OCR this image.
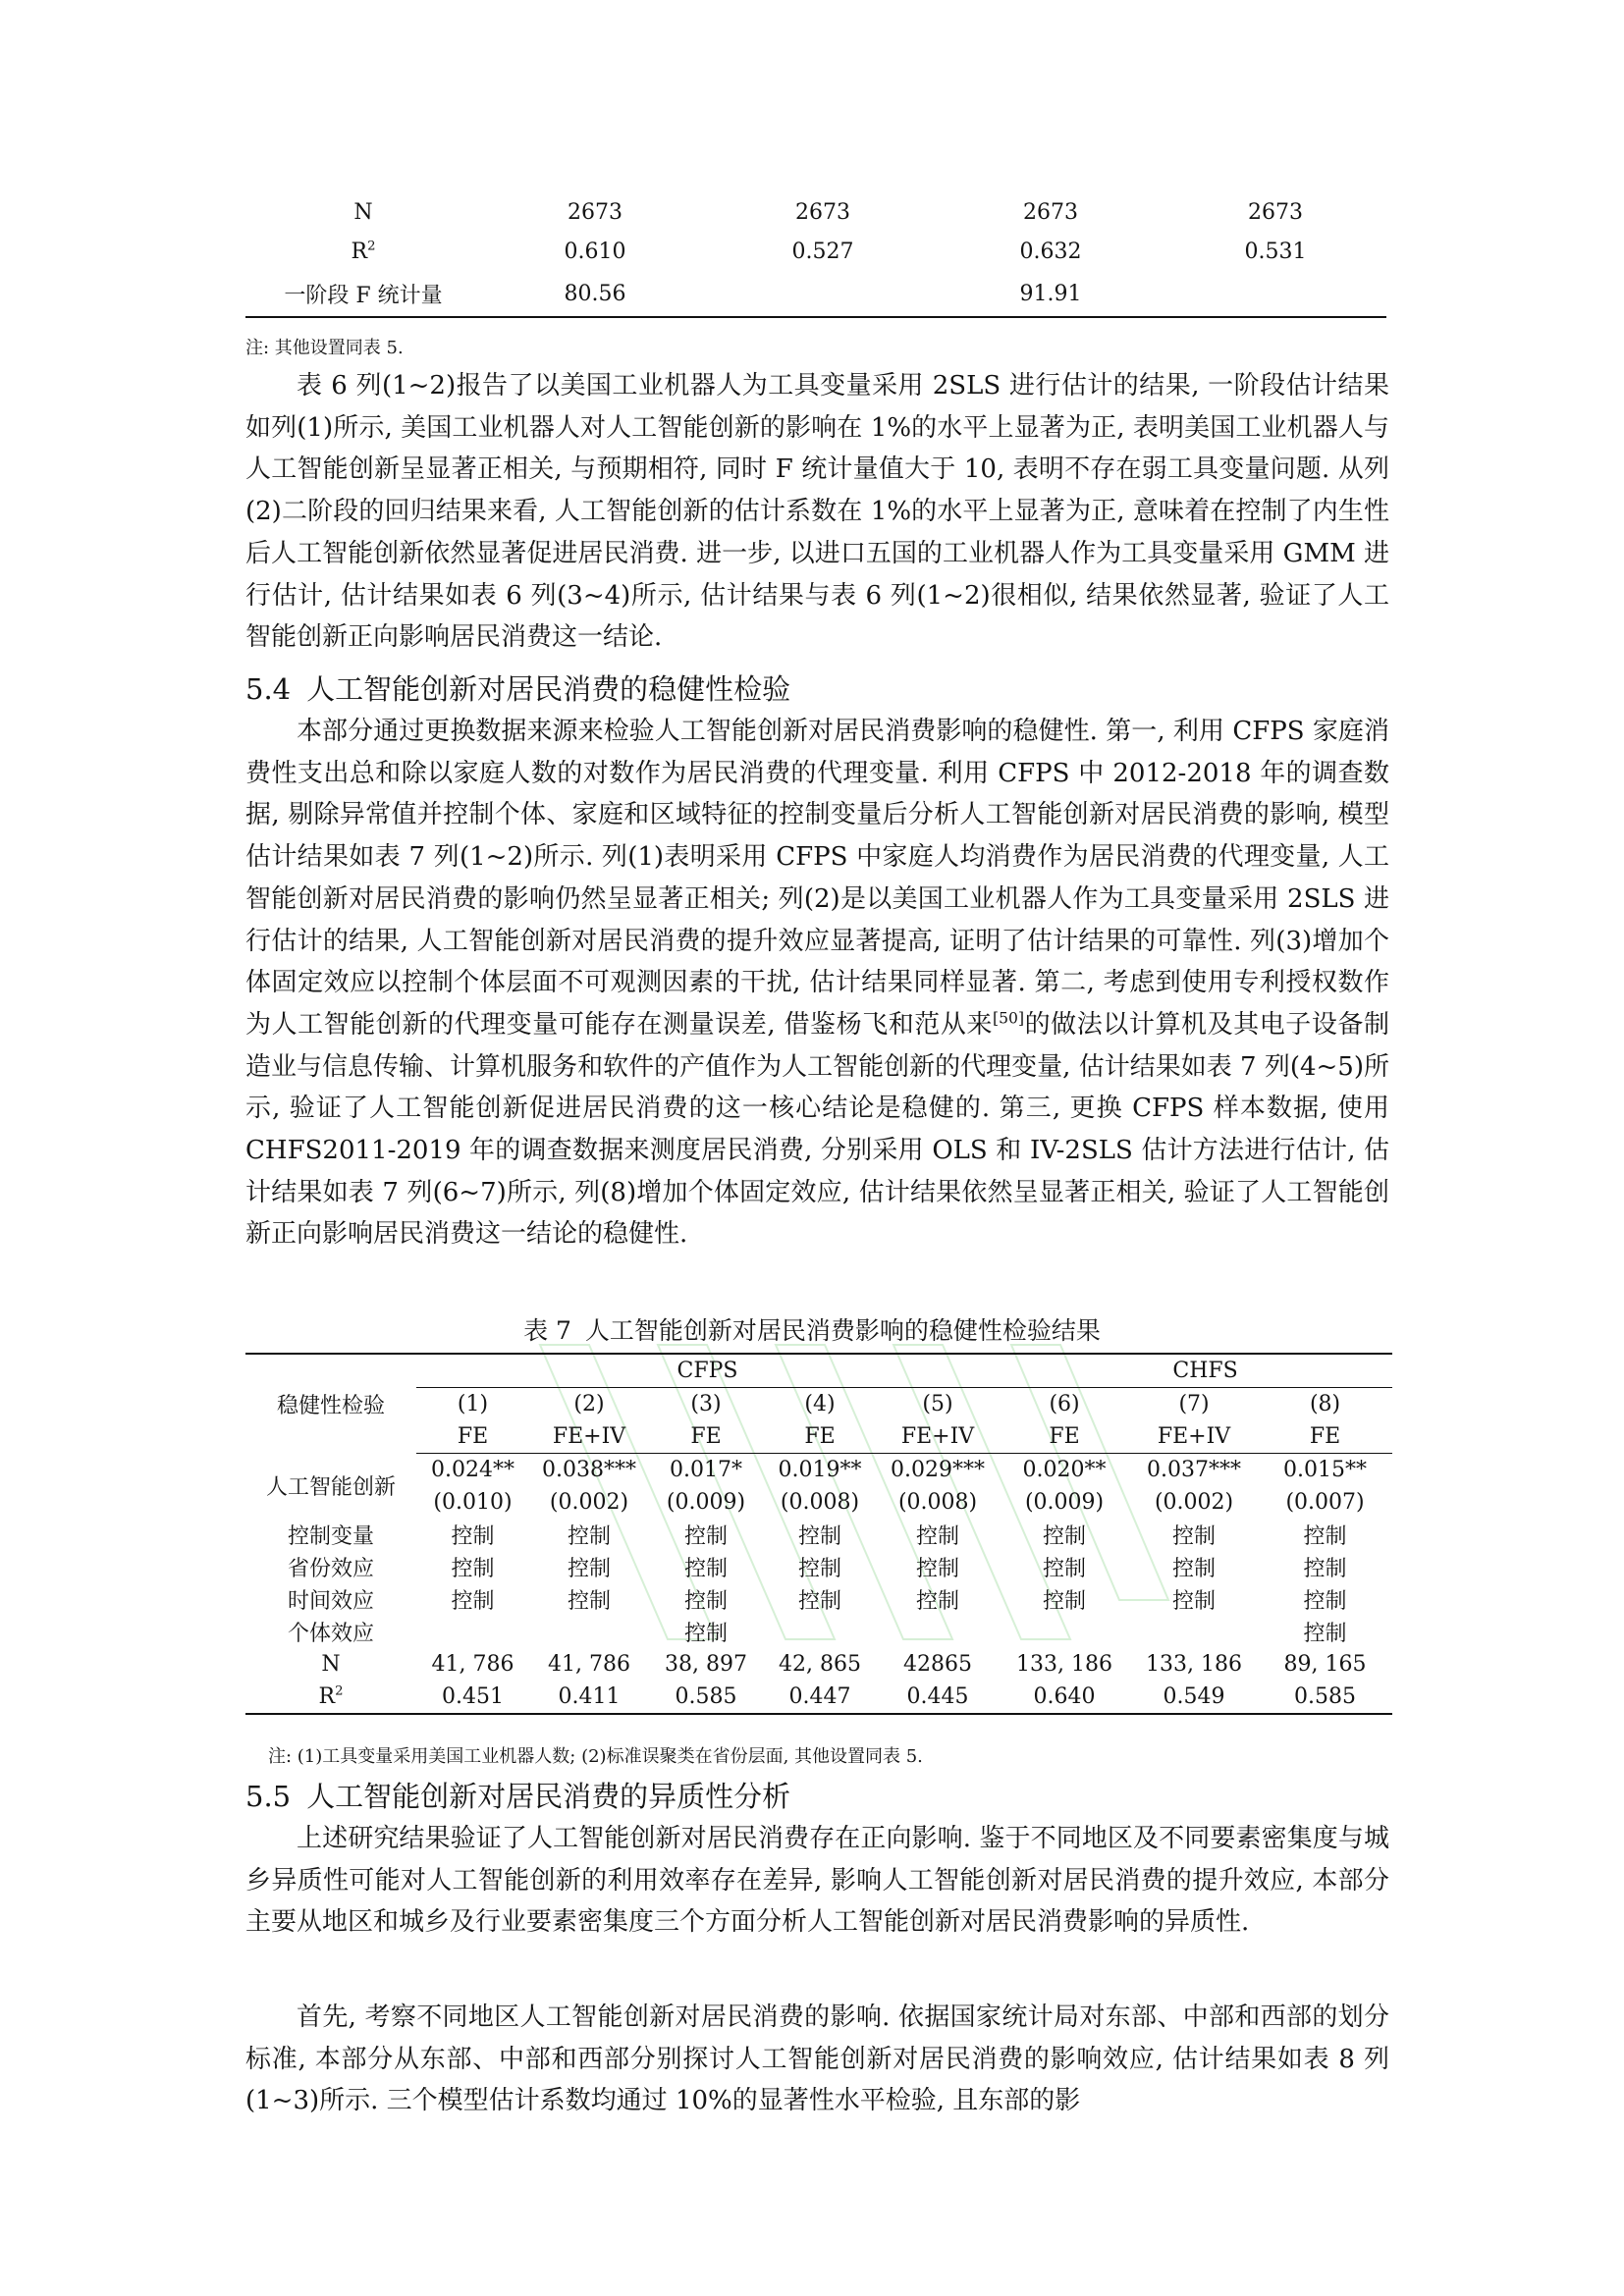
N	2673	2673	2673	2673
$R^2$	0.610	0.527	0.632	0.531
一阶段 F 统计量	80.56		91.91	
注: 其他设置同表 5.

表 6 列(1~2)报告了以美国工业机器人为工具变量采用 2SLS 进行估计的结果, 一阶段估计结果如列(1)所示, 美国工业机器人对人工智能创新的影响在 1%的水平上显著为正, 表明美国工业机器人与人工智能创新呈显著正相关, 与预期相符, 同时 F 统计量值大于 10, 表明不存在弱工具变量问题. 从列(2)二阶段的回归结果来看, 人工智能创新的估计系数在 1%的水平上显著为正, 意味着在控制了内生性后人工智能创新依然显著促进居民消费. 进一步, 以进口五国的工业机器人作为工具变量采用 GMM 进行估计, 估计结果如表 6 列(3~4)所示, 估计结果与表 6 列(1~2)很相似, 结果依然显著, 验证了人工智能创新正向影响居民消费这一结论.

5.4 人工智能创新对居民消费的稳健性检验

本部分通过更换数据来源来检验人工智能创新对居民消费影响的稳健性. 第一, 利用 CFPS 家庭消费性支出总和除以家庭人数的对数作为居民消费的代理变量. 利用 CFPS 中 2012-2018 年的调查数据, 剔除异常值并控制个体、家庭和区域特征的控制变量后分析人工智能创新对居民消费的影响, 模型估计结果如表 7 列(1~2)所示. 列(1)表明采用 CFPS 中家庭人均消费作为居民消费的代理变量, 人工智能创新对居民消费的影响仍然呈显著正相关; 列(2)是以美国工业机器人作为工具变量采用 2SLS 进行估计的结果, 人工智能创新对居民消费的提升效应显著提高, 证明了估计结果的可靠性. 列(3)增加个体固定效应以控制个体层面不可观测因素的干扰, 估计结果同样显著. 第二, 考虑到使用专利授权数作为人工智能创新的代理变量可能存在测量误差, 借鉴杨飞和范从来[50]的做法以计算机及其电子设备制造业与信息传输、计算机服务和软件的产值作为人工智能创新的代理变量, 估计结果如表 7 列(4~5)所示, 验证了人工智能创新促进居民消费的这一核心结论是稳健的. 第三, 更换 CFPS 样本数据, 使用 CHFS2011-2019 年的调查数据来测度居民消费, 分别采用 OLS 和 IV-2SLS 估计方法进行估计, 估计结果如表 7 列(6~7)所示, 列(8)增加个体固定效应, 估计结果依然呈显著正相关, 验证了人工智能创新正向影响居民消费这一结论的稳健性.

表 7 人工智能创新对居民消费影响的稳健性检验结果
稳健性检验	CFPS					CHFS		
	(1)	(2)	(3)	(4)	(5)	(6)	(7)	(8)
	FE	FE+IV	FE	FE	FE+IV	FE	FE+IV	FE
人工智能创新	0.024**	0.038***	0.017*	0.019**	0.029***	0.020**	0.037***	0.015**
	(0.010)	(0.002)	(0.009)	(0.008)	(0.008)	(0.009)	(0.002)	(0.007)
控制变量	控制	控制	控制	控制	控制	控制	控制	控制
省份效应	控制	控制	控制	控制	控制	控制	控制	控制
时间效应	控制	控制	控制	控制	控制	控制	控制	控制
个体效应			控制					控制
N	41, 786	41, 786	38, 897	42, 865	42865	133, 186	133, 186	89, 165
$R^2$	0.451	0.411	0.585	0.447	0.445	0.640	0.549	0.585
注: (1)工具变量采用美国工业机器人数; (2)标准误聚类在省份层面, 其他设置同表 5.
5.5 人工智能创新对居民消费的异质性分析

上述研究结果验证了人工智能创新对居民消费存在正向影响. 鉴于不同地区及不同要素密集度与城乡异质性可能对人工智能创新的利用效率存在差异, 影响人工智能创新对居民消费的提升效应, 本部分主要从地区和城乡及行业要素密集度三个方面分析人工智能创新对居民消费影响的异质性.

首先, 考察不同地区人工智能创新对居民消费的影响. 依据国家统计局对东部、中部和西部的划分标准, 本部分从东部、中部和西部分别探讨人工智能创新对居民消费的影响效应, 估计结果如表 8 列(1~3)所示. 三个模型估计系数均通过 10%的显著性水平检验, 且东部的影
